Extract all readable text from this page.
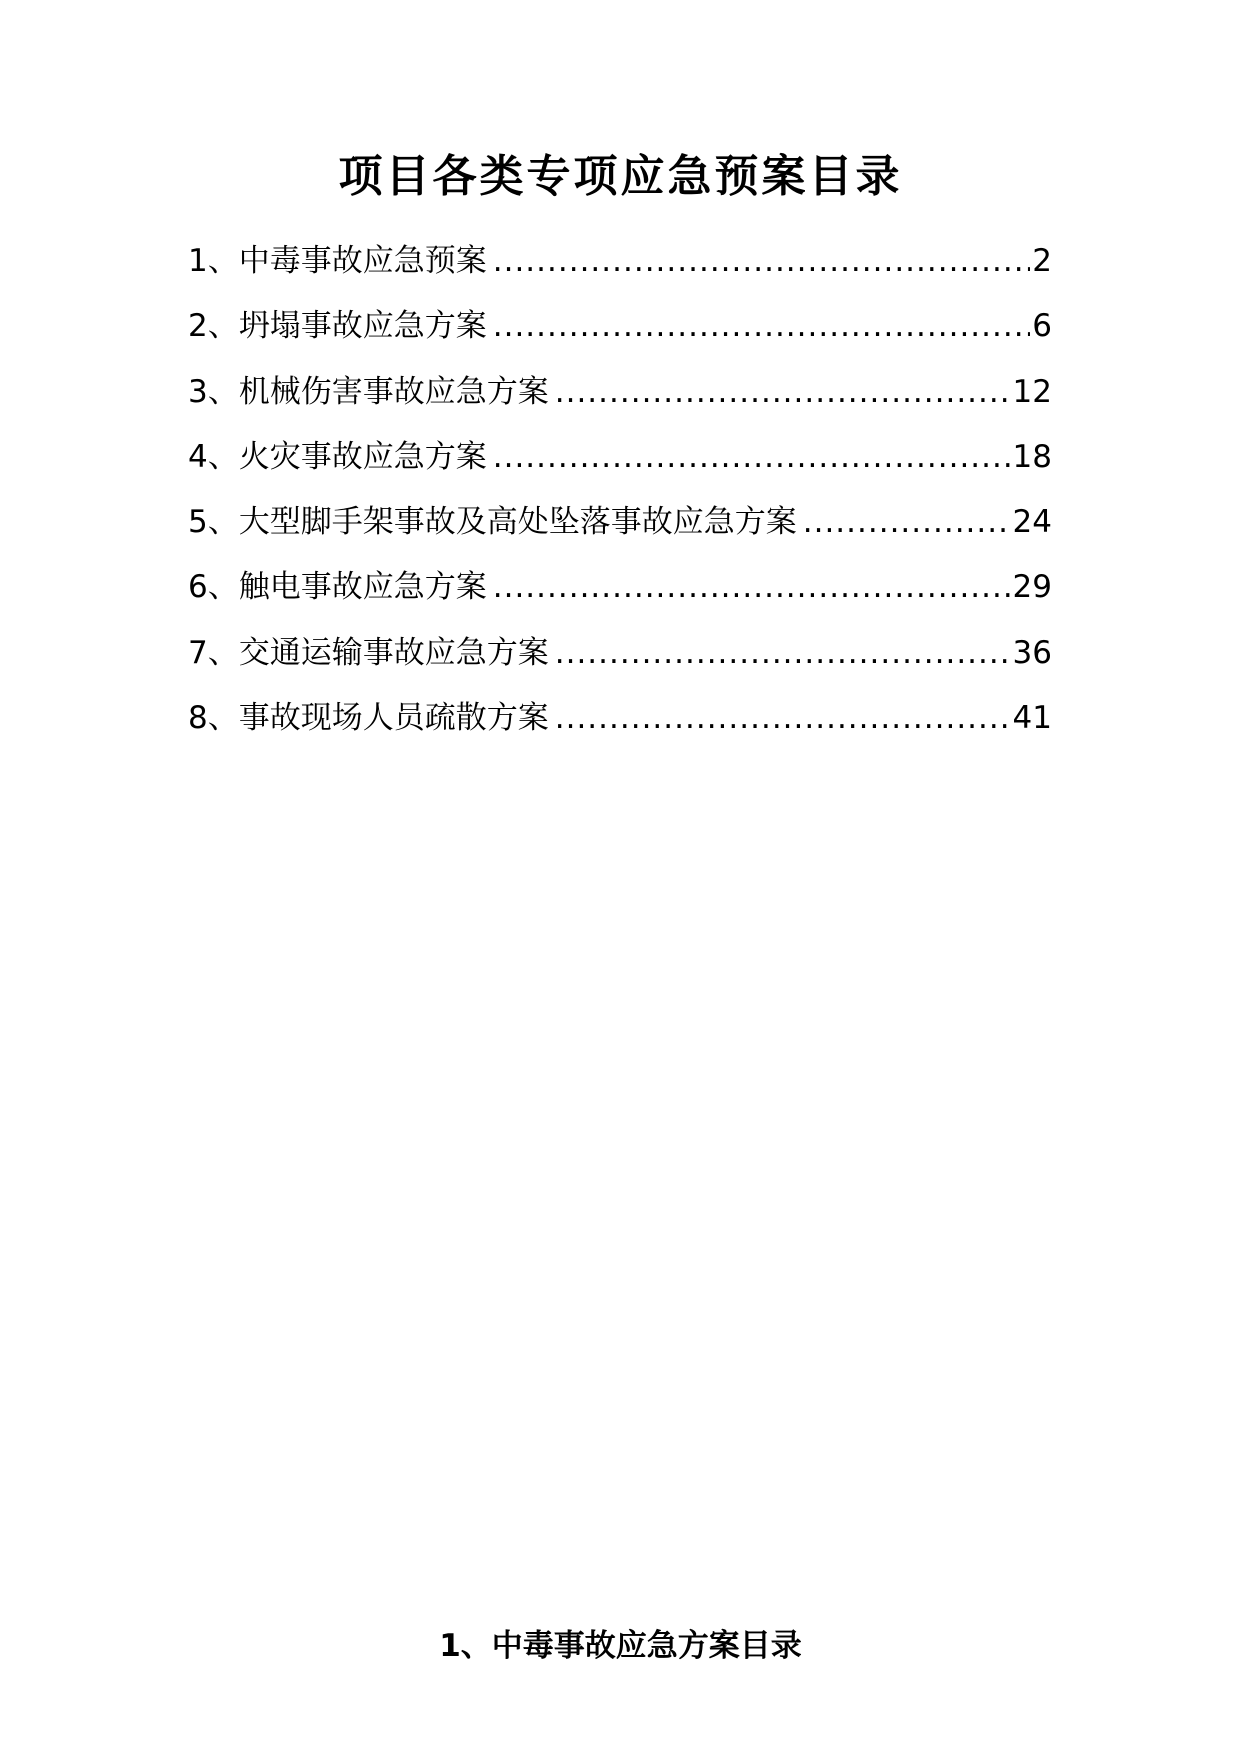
项目各类专项应急预案目录
1、中毒事故应急预案 .....	2
2、坍塌事故应急方案 .....	6
3、机械伤害事故应急方案 .....	12
4、火灾事故应急方案 .....	18
5、大型脚手架事故及高处坠落事故应急方案 .....	24
6、触电事故应急方案 .....	29
7、交通运输事故应急方案 .....	36
8、事故现场人员疏散方案 .....	41
1、中毒事故应急方案目录
